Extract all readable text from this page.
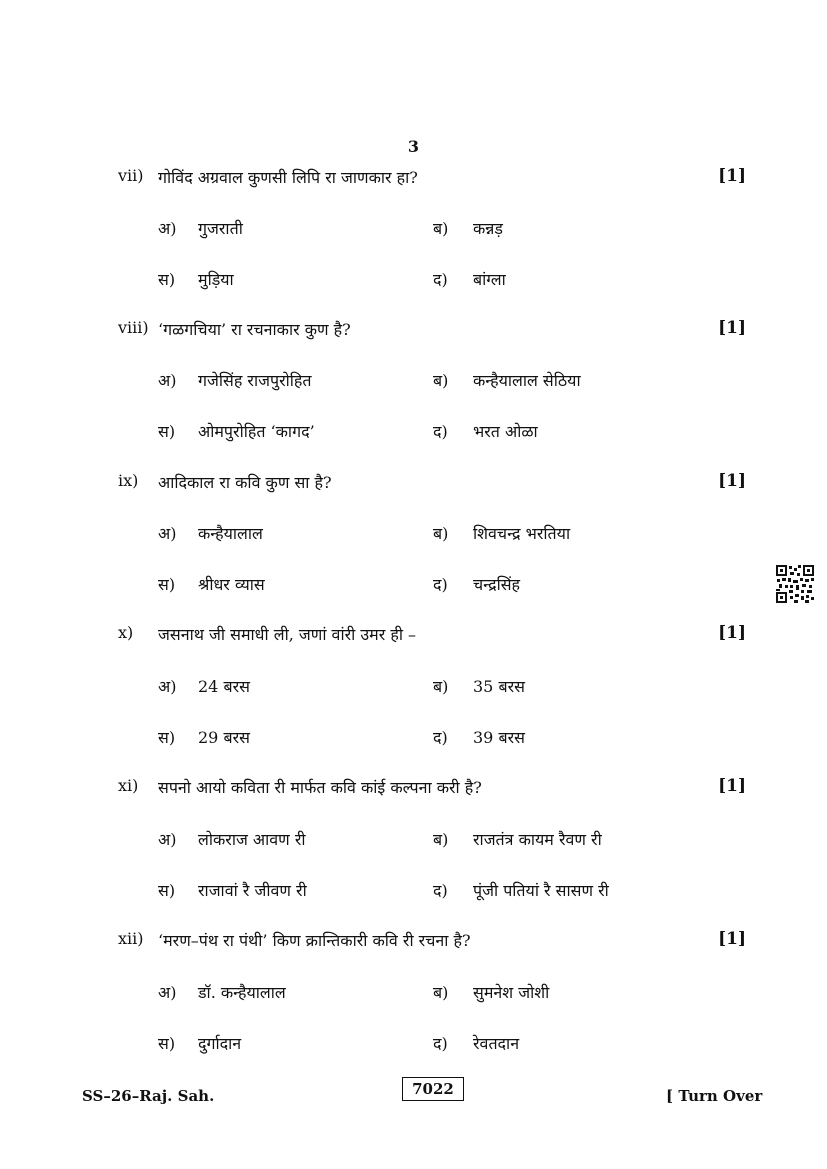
3
vii) गोविंद अग्रवाल कुणसी लिपि रा जाणकार हा?	[1]
अ) गुजराती	ब) कन्नड़
स) मुड़िया	द) बांग्ला
viii) ‘गळगचिया’ रा रचनाकार कुण है?	[1]
अ) गजेसिंह राजपुरोहित	ब) कन्हैयालाल सेठिया
स) ओमपुरोहित ‘कागद’	द) भरत ओळा
ix) आदिकाल रा कवि कुण सा है?	[1]
अ) कन्हैयालाल	ब) शिवचन्द्र भरतिया
स) श्रीधर व्यास	द) चन्द्रसिंह
x) जसनाथ जी समाधी ली, जणां वांरी उमर ही –	[1]
अ) 24 बरस	ब) 35 बरस
स) 29 बरस	द) 39 बरस
xi) सपनो आयो कविता री मार्फत कवि कांई कल्पना करी है?	[1]
अ) लोकराज आवण री	ब) राजतंत्र कायम रैवण री
स) राजावां रै जीवण री	द) पूंजी पतियां रै सासण री
xii) ‘मरण–पंथ रा पंथी’ किण क्रान्तिकारी कवि री रचना है?	[1]
अ) डॉ. कन्हैयालाल	ब) सुमनेश जोशी
स) दुर्गादान	द) रेवतदान
SS–26–Raj. Sah.	7022	[ Turn Over
